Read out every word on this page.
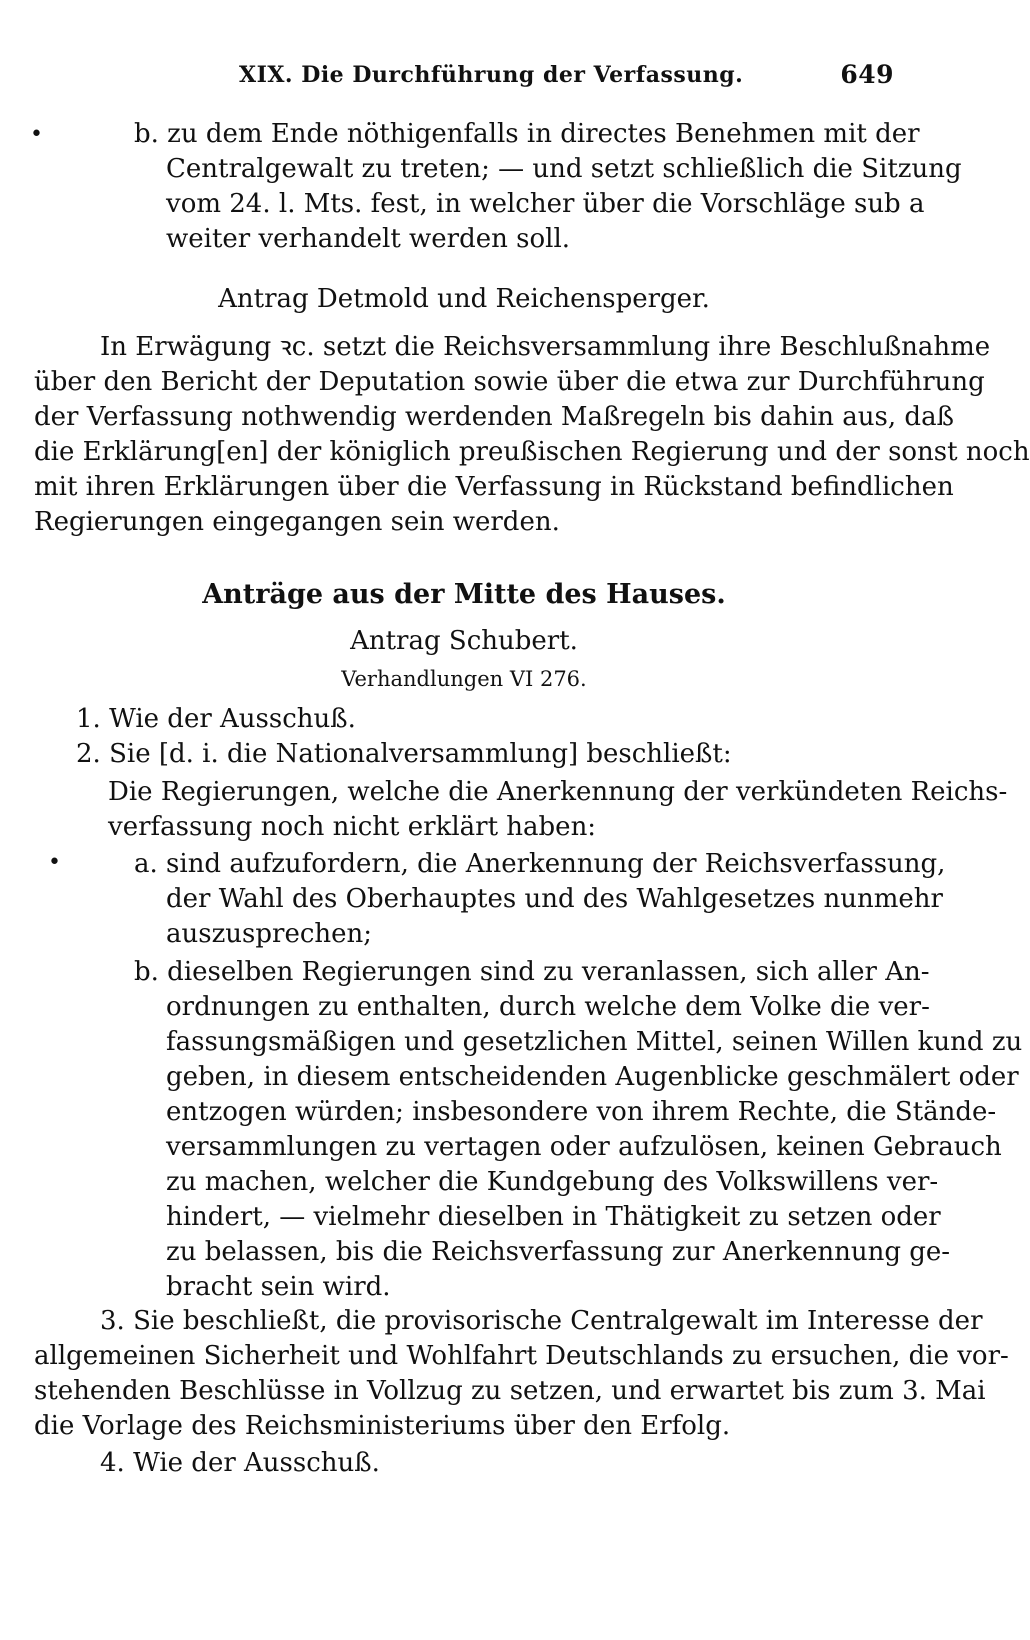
XIX. Die Durchführung der Verfassung.	649
•	b. zu dem Ende nöthigenfalls in directes Benehmen mit der
Centralgewalt zu treten; — und setzt schließlich die Sitzung
vom 24. l. Mts. fest, in welcher über die Vorschläge sub a
weiter verhandelt werden soll.
Antrag Detmold und Reichensperger.
In Erwägung ꝛc. setzt die Reichsversammlung ihre Beschlußnahme
über den Bericht der Deputation sowie über die etwa zur Durchführung
der Verfassung nothwendig werdenden Maßregeln bis dahin aus, daß
die Erklärung[en] der königlich preußischen Regierung und der sonst noch
mit ihren Erklärungen über die Verfassung in Rückstand befindlichen
Regierungen eingegangen sein werden.
Anträge aus der Mitte des Hauses.
Antrag Schubert.
Verhandlungen VI 276.
1. Wie der Ausschuß.
2. Sie [d. i. die Nationalversammlung] beschließt:
Die Regierungen, welche die Anerkennung der verkündeten Reichs-
verfassung noch nicht erklärt haben:
•	a. sind aufzufordern, die Anerkennung der Reichsverfassung,
der Wahl des Oberhauptes und des Wahlgesetzes nunmehr
auszusprechen;
b. dieselben Regierungen sind zu veranlassen, sich aller An-
ordnungen zu enthalten, durch welche dem Volke die ver-
fassungsmäßigen und gesetzlichen Mittel, seinen Willen kund zu
geben, in diesem entscheidenden Augenblicke geschmälert oder
entzogen würden; insbesondere von ihrem Rechte, die Stände-
versammlungen zu vertagen oder aufzulösen, keinen Gebrauch
zu machen, welcher die Kundgebung des Volkswillens ver-
hindert, — vielmehr dieselben in Thätigkeit zu setzen oder
zu belassen, bis die Reichsverfassung zur Anerkennung ge-
bracht sein wird.
3. Sie beschließt, die provisorische Centralgewalt im Interesse der
allgemeinen Sicherheit und Wohlfahrt Deutschlands zu ersuchen, die vor-
stehenden Beschlüsse in Vollzug zu setzen, und erwartet bis zum 3. Mai
die Vorlage des Reichsministeriums über den Erfolg.
4. Wie der Ausschuß.
